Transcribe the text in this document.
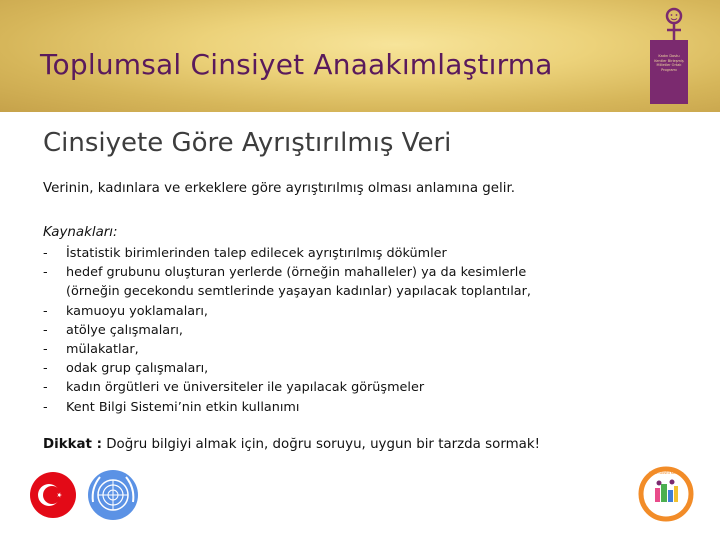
Toplumsal Cinsiyet Anaakımlaştırma	Kadın Dostu Kentler Birleşmiş Milletler Ortak Programı
Cinsiyete Göre Ayrıştırılmış Veri
Verinin, kadınlara ve erkeklere göre ayrıştırılmış olması anlamına gelir.
Kaynakları:
- İstatistik birimlerinden talep edilecek ayrıştırılmış dökümler
- hedef grubunu oluşturan yerlerde (örneğin mahalleler) ya da kesimlerle (örneğin gecekondu semtlerinde yaşayan kadınlar) yapılacak toplantılar,
- kamuoyu yoklamaları,
- atölye çalışmaları,
- mülakatlar,
- odak grup çalışmaları,
- kadın örgütleri ve üniversiteler ile yapılacak görüşmeler
- Kent Bilgi Sistemi’nin etkin kullanımı
Dikkat : Doğru bilgiyi almak için, doğru soruyu, uygun bir tarzda sormak!
Kadın Dostu Kentler
